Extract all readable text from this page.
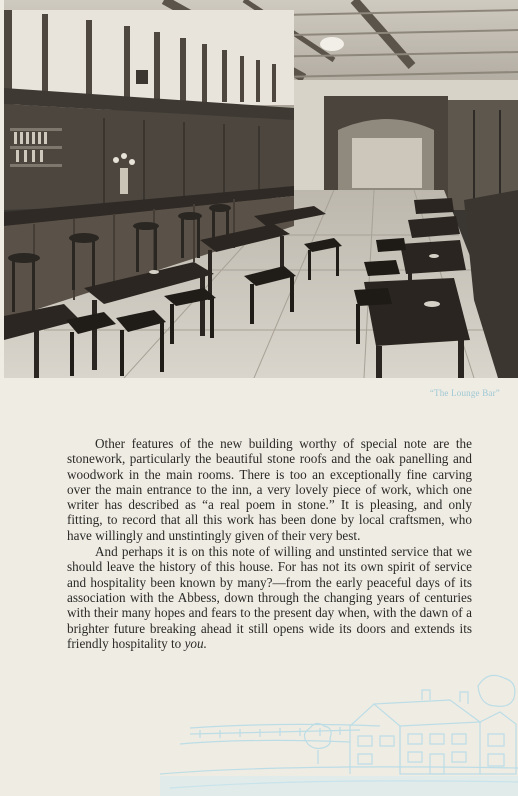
“The Lounge Bar”

Other features of the new building worthy of special note are the stonework, particularly the beautiful stone roofs and the oak panelling and woodwork in the main rooms. There is too an exceptionally fine carving over the main entrance to the inn, a very lovely piece of work, which one writer has described as “a real poem in stone.” It is pleasing, and only fitting, to record that all this work has been done by local craftsmen, who have willingly and unstintingly given of their very best.

And perhaps it is on this note of willing and unstinted service that we should leave the history of this house. For has not its own spirit of service and hospitality been known by many?—from the early peaceful days of its association with the Abbess, down through the changing years of centuries with their many hopes and fears to the present day when, with the dawn of a brighter future breaking ahead it still opens wide its doors and extends its friendly hospitality to you.
